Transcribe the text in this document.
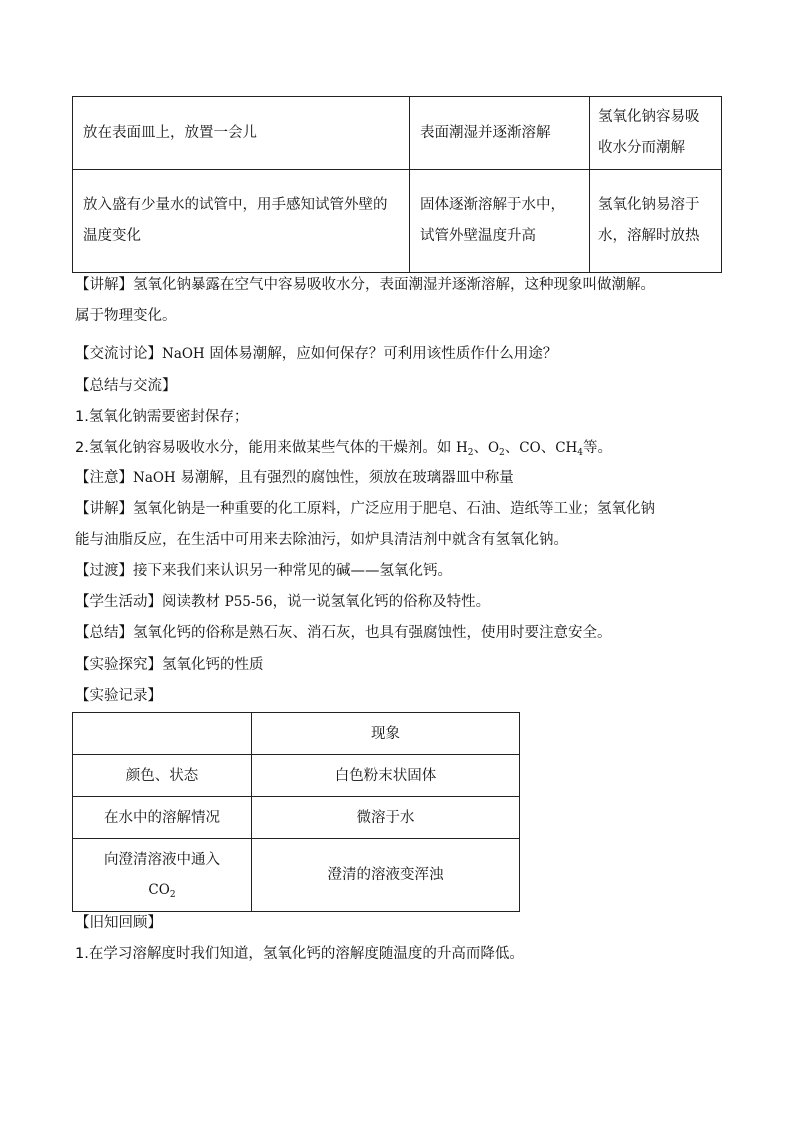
放在表面皿上，放置一会儿	表面潮湿并逐渐溶解	氢氧化钠容易吸收水分而潮解
放入盛有少量水的试管中，用手感知试管外壁的温度变化	固体逐渐溶解于水中，试管外壁温度升高	氢氧化钠易溶于水，溶解时放热
【讲解】氢氧化钠暴露在空气中容易吸收水分，表面潮湿并逐渐溶解，这种现象叫做潮解。
属于物理变化。
【交流讨论】NaOH 固体易潮解，应如何保存？可利用该性质作什么用途？
【总结与交流】
1.氢氧化钠需要密封保存；
2.氢氧化钠容易吸收水分，能用来做某些气体的干燥剂。如 $H_2$、$O_2$、CO、$CH_4$等。
【注意】NaOH 易潮解，且有强烈的腐蚀性，须放在玻璃器皿中称量
【讲解】氢氧化钠是一种重要的化工原料，广泛应用于肥皂、石油、造纸等工业；氢氧化钠
能与油脂反应，在生活中可用来去除油污，如炉具清洁剂中就含有氢氧化钠。
【过渡】接下来我们来认识另一种常见的碱——氢氧化钙。
【学生活动】阅读教材 P55-56，说一说氢氧化钙的俗称及特性。
【总结】氢氧化钙的俗称是熟石灰、消石灰，也具有强腐蚀性，使用时要注意安全。
【实验探究】氢氧化钙的性质
【实验记录】
	现象
颜色、状态	白色粉末状固体
在水中的溶解情况	微溶于水
向澄清溶液中通入
$CO_2$	澄清的溶液变浑浊
【旧知回顾】
1.在学习溶解度时我们知道，氢氧化钙的溶解度随温度的升高而降低。
